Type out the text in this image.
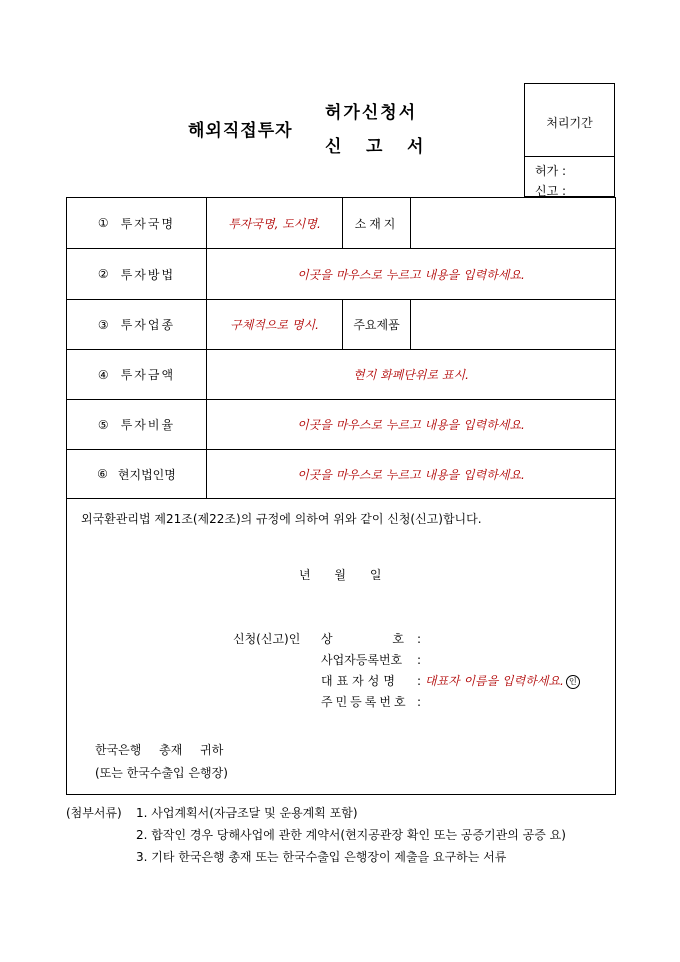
해외직접투자
허가신청서
신 고 서
처리기간
허가 :
신고 :
① 투자국명	투자국명, 도시명.	소재지
② 투자방법	이곳을 마우스로 누르고 내용을 입력하세요.
③ 투자업종	구체적으로 명시.	주요제품
④ 투자금액	현지 화폐단위로 표시.
⑤ 투자비율	이곳을 마우스로 누르고 내용을 입력하세요.
⑥ 현지법인명	이곳을 마우스로 누르고 내용을 입력하세요.
외국환관리법 제21조(제22조)의 규정에 의하여 위와 같이 신청(신고)합니다.
년 월 일
신청(신고)인 상 호 :
사업자등록번호 :
대표자성명 : 대표자 이름을 입력하세요. 인
주민등록번호 :
한국은행 총재 귀하
(또는 한국수출입 은행장)
(첨부서류) 1. 사업계획서(자금조달 및 운용계획 포함)
2. 합작인 경우 당해사업에 관한 계약서(현지공관장 확인 또는 공증기관의 공증 요)
3. 기타 한국은행 총재 또는 한국수출입 은행장이 제출을 요구하는 서류
